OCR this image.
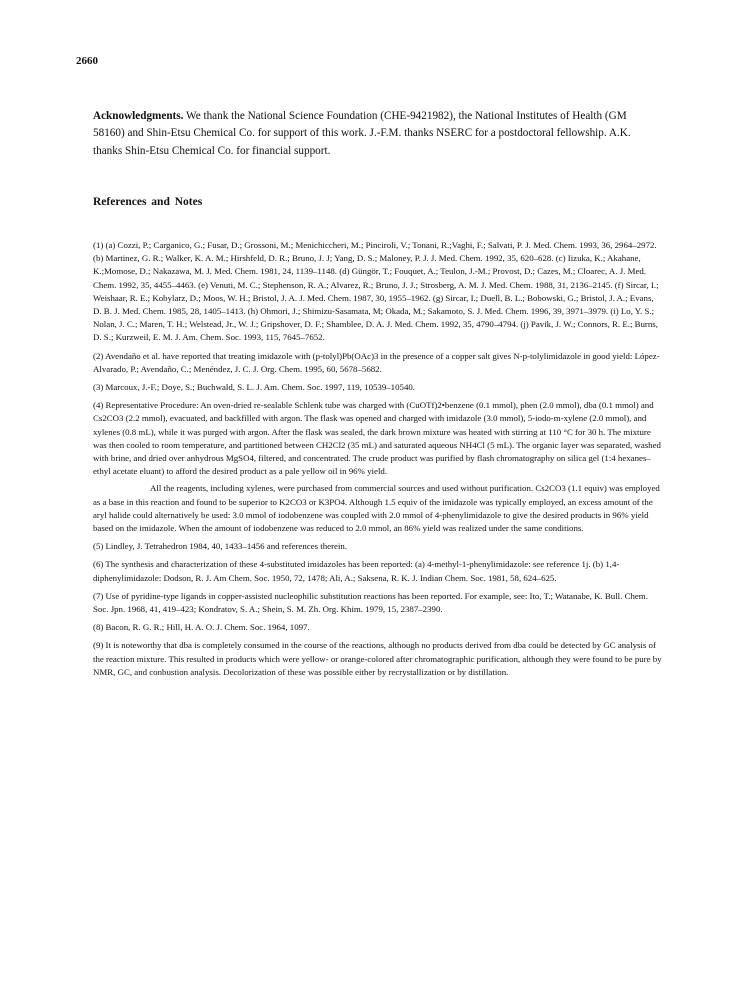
2660
Acknowledgments. We thank the National Science Foundation (CHE-9421982), the National Institutes of Health (GM 58160) and Shin-Etsu Chemical Co. for support of this work. J.-F.M. thanks NSERC for a postdoctoral fellowship. A.K. thanks Shin-Etsu Chemical Co. for financial support.
References and Notes

(1) (a) Cozzi, P.; Carganico, G.; Fusar, D.; Grossoni, M.; Menichiccheri, M.; Pinciroli, V.; Tonani, R.;Vaghi, F.; Salvati, P. J. Med. Chem. 1993, 36, 2964–2972. (b) Martinez, G. R.; Walker, K. A. M.; Hirshfeld, D. R.; Bruno, J. J; Yang, D. S.; Maloney, P. J. J. Med. Chem. 1992, 35, 620–628. (c) Iizuka, K.; Akahane, K.;Momose, D.; Nakazawa, M. J. Med. Chem. 1981, 24, 1139–1148. (d) Güngör, T.; Fouquet, A.; Teulon, J.-M.; Provost, D.; Cazes, M.; Cloarec, A. J. Med. Chem. 1992, 35, 4455–4463. (e) Venuti, M. C.; Stephenson, R. A.; Alvarez, R.; Bruno, J. J.; Strosberg, A. M. J. Med. Chem. 1988, 31, 2136–2145. (f) Sircar, I.; Weishaar, R. E.; Kobylarz, D.; Moos, W. H.; Bristol, J. A. J. Med. Chem. 1987, 30, 1955–1962. (g) Sircar, I.; Duell, B. L.; Bobowski, G.; Bristol, J. A.; Evans, D. B. J. Med. Chem. 1985, 28, 1405–1413. (h) Ohmori, J.; Shimizu-Sasamata, M; Okada, M.; Sakamoto, S. J. Med. Chem. 1996, 39, 3971–3979. (i) Lo, Y. S.; Nolan, J. C.; Maren, T. H.; Welstead, Jr., W. J.; Gripshover, D. F.; Shamblee, D. A. J. Med. Chem. 1992, 35, 4790–4794. (j) Pavik, J. W.; Connors, R. E.; Burns, D. S.; Kurzweil, E. M. J. Am. Chem. Soc. 1993, 115, 7645–7652.

(2) Avendaño et al. have reported that treating imidazole with (p-tolyl)Pb(OAc)3 in the presence of a copper salt gives N-p-tolylimidazole in good yield: López-Alvarado, P.; Avendaño, C.; Menéndez, J. C. J. Org. Chem. 1995, 60, 5678–5682.

(3) Marcoux, J.-F.; Doye, S.; Buchwald, S. L. J. Am. Chem. Soc. 1997, 119, 10539–10540.

(4) Representative Procedure: An oven-dried re-sealable Schlenk tube was charged with (CuOTf)2•benzene (0.1 mmol), phen (2.0 mmol), dba (0.1 mmol) and Cs2CO3 (2.2 mmol), evacuated, and backfilled with argon. The flask was opened and charged with imidazole (3.0 mmol), 5-iodo-m-xylene (2.0 mmol), and xylenes (0.8 mL), while it was purged with argon. After the flask was sealed, the dark brown mixture was heated with stirring at 110 °C for 30 h. The mixture was then cooled to room temperature, and partitioned between CH2Cl2 (35 mL) and saturated aqueous NH4Cl (5 mL). The organic layer was separated, washed with brine, and dried over anhydrous MgSO4, filtered, and concentrated. The crude product was purified by flash chromatography on silica gel (1:4 hexanes–ethyl acetate eluant) to afford the desired product as a pale yellow oil in 96% yield.

All the reagents, including xylenes, were purchased from commercial sources and used without purification. Cs2CO3 (1.1 equiv) was employed as a base in this reaction and found to be superior to K2CO3 or K3PO4. Although 1.5 equiv of the imidazole was typically employed, an excess amount of the aryl halide could alternatively be used: 3.0 mmol of iodobenzene was coupled with 2.0 mmol of 4-phenylimidazole to give the desired products in 96% yield based on the imidazole. When the amount of iodobenzene was reduced to 2.0 mmol, an 86% yield was realized under the same conditions.

(5) Lindley, J. Tetrahedron 1984, 40, 1433–1456 and references therein.

(6) The synthesis and characterization of these 4-substituted imidazoles has been reported: (a) 4-methyl-1-phenylimidazole: see reference 1j. (b) 1,4-diphenylimidazole: Dodson, R. J. Am Chem. Soc. 1950, 72, 1478; Ali, A.; Saksena, R. K. J. Indian Chem. Soc. 1981, 58, 624–625.

(7) Use of pyridine-type ligands in copper-assisted nucleophilic substitution reactions has been reported. For example, see: Ito, T.; Watanabe, K. Bull. Chem. Soc. Jpn. 1968, 41, 419–423; Kondratov, S. A.; Shein, S. M. Zh. Org. Khim. 1979, 15, 2387–2390.

(8) Bacon, R. G. R.; Hill, H. A. O. J. Chem. Soc. 1964, 1097.

(9) It is noteworthy that dba is completely consumed in the course of the reactions, although no products derived from dba could be detected by GC analysis of the reaction mixture. This resulted in products which were yellow- or orange-colored after chromatographic purification, although they were found to be pure by NMR, GC, and conbustion analysis. Decolorization of these was possible either by recrystallization or by distillation.
